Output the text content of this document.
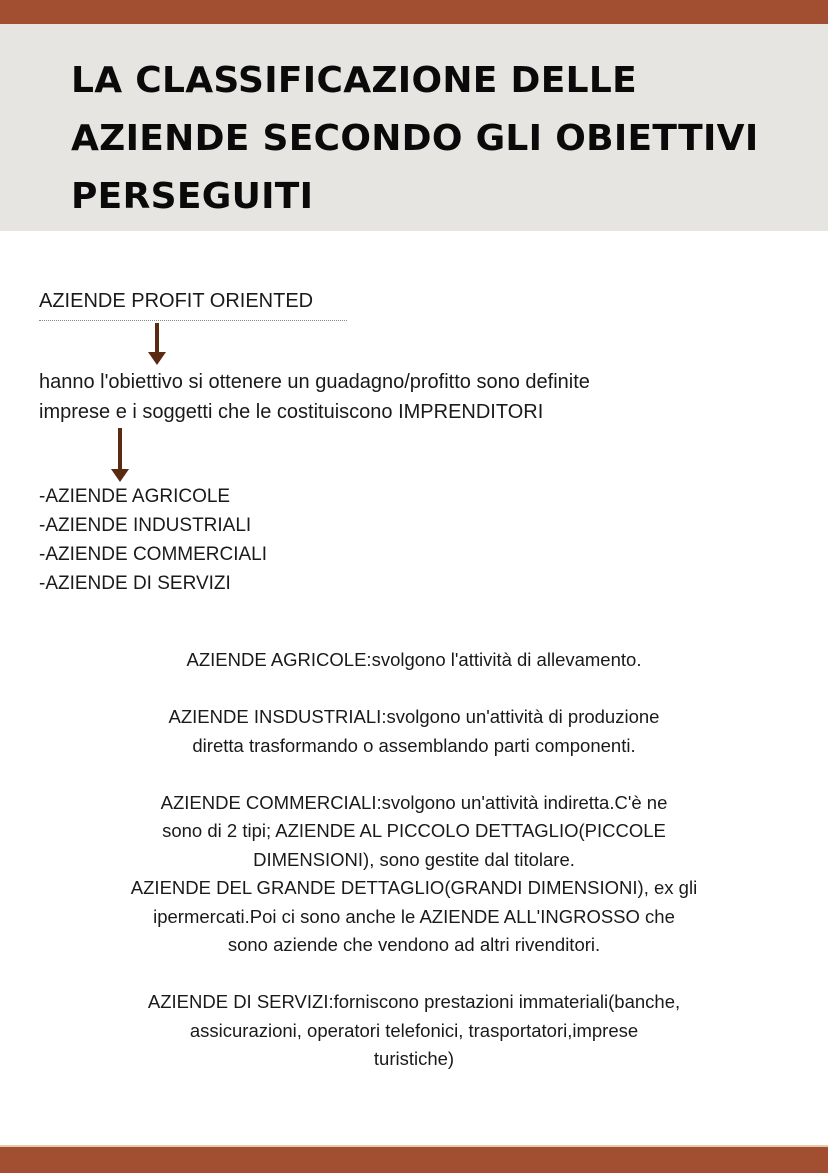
LA CLASSIFICAZIONE DELLE
AZIENDE SECONDO GLI OBIETTIVI
PERSEGUITI
AZIENDE PROFIT ORIENTED
hanno l'obiettivo si ottenere un guadagno/profitto sono definite
imprese e i soggetti che le costituiscono IMPRENDITORI
-AZIENDE AGRICOLE
-AZIENDE INDUSTRIALI
-AZIENDE COMMERCIALI
-AZIENDE DI SERVIZI

AZIENDE AGRICOLE:svolgono l'attività di allevamento.

AZIENDE INSDUSTRIALI:svolgono un'attività di produzione
diretta trasformando o assemblando parti componenti.

AZIENDE COMMERCIALI:svolgono un'attività indiretta.C'è ne
sono di 2 tipi; AZIENDE AL PICCOLO DETTAGLIO(PICCOLE
DIMENSIONI), sono gestite dal titolare.
AZIENDE DEL GRANDE DETTAGLIO(GRANDI DIMENSIONI), ex gli
ipermercati.Poi ci sono anche le AZIENDE ALL'INGROSSO che
sono aziende che vendono ad altri rivenditori.

AZIENDE DI SERVIZI:forniscono prestazioni immateriali(banche,
assicurazioni, operatori telefonici, trasportatori,imprese
turistiche)
